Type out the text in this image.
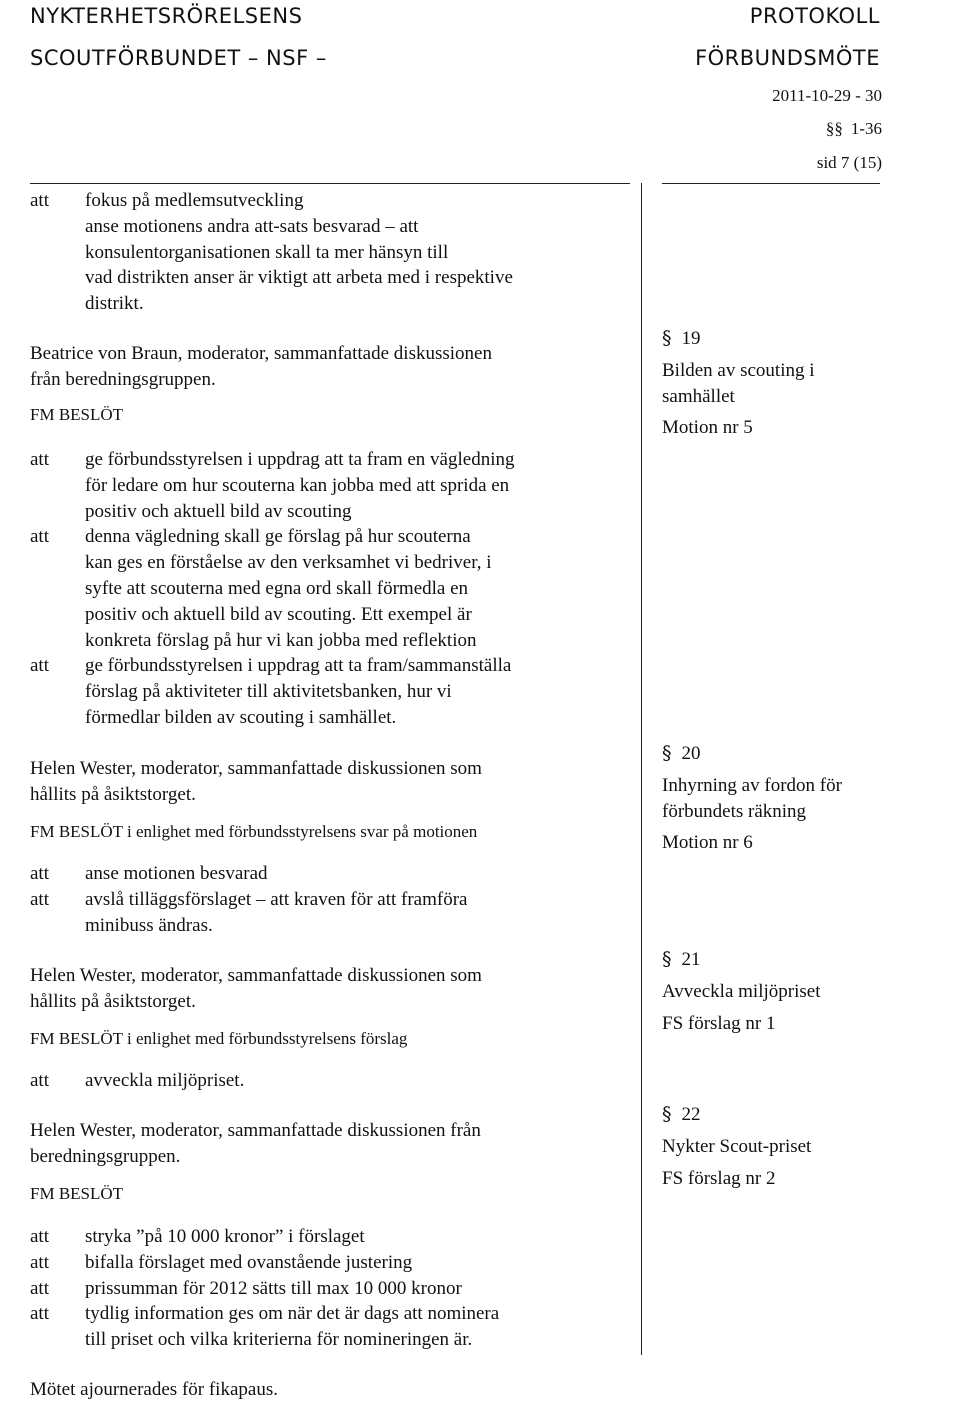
NYKTERHETSRÖRELSENS
SCOUTFÖRBUNDET – NSF –
PROTOKOLL
FÖRBUNDSMÖTE
2011-10-29 - 30
§§ 1-36
sid 7 (15)
att	fokus på medlemsutveckling
anse motionens andra att-sats besvarad – att
konsulentorganisationen skall ta mer hänsyn till
vad distrikten anser är viktigt att arbeta med i respektive
distrikt.
Beatrice von Braun, moderator, sammanfattade diskussionen
från beredningsgruppen.
FM BESLÖT
att	ge förbundsstyrelsen i uppdrag att ta fram en vägledning
för ledare om hur scouterna kan jobba med att sprida en
positiv och aktuell bild av scouting
att	denna vägledning skall ge förslag på hur scouterna
kan ges en förståelse av den verksamhet vi bedriver, i
syfte att scouterna med egna ord skall förmedla en
positiv och aktuell bild av scouting. Ett exempel är
konkreta förslag på hur vi kan jobba med reflektion
att	ge förbundsstyrelsen i uppdrag att ta fram/sammanställa
förslag på aktiviteter till aktivitetsbanken, hur vi
förmedlar bilden av scouting i samhället.
Helen Wester, moderator, sammanfattade diskussionen som
hållits på åsiktstorget.
FM BESLÖT i enlighet med förbundsstyrelsens svar på motionen
att	anse motionen besvarad
att	avslå tilläggsförslaget – att kraven för att framföra
minibuss ändras.
Helen Wester, moderator, sammanfattade diskussionen som
hållits på åsiktstorget.
FM BESLÖT i enlighet med förbundsstyrelsens förslag
att	avveckla miljöpriset.
Helen Wester, moderator, sammanfattade diskussionen från
beredningsgruppen.
FM BESLÖT
att	stryka ”på 10 000 kronor” i förslaget
att	bifalla förslaget med ovanstående justering
att	prissumman för 2012 sätts till max 10 000 kronor
att	tydlig information ges om när det är dags att nominera
till priset och vilka kriterierna för nomineringen är.
Mötet ajournerades för fikapaus.
§ 19
Bilden av scouting i
samhället
Motion nr 5
§ 20
Inhyrning av fordon för
förbundets räkning
Motion nr 6
§ 21
Avveckla miljöpriset
FS förslag nr 1
§ 22
Nykter Scout-priset
FS förslag nr 2
